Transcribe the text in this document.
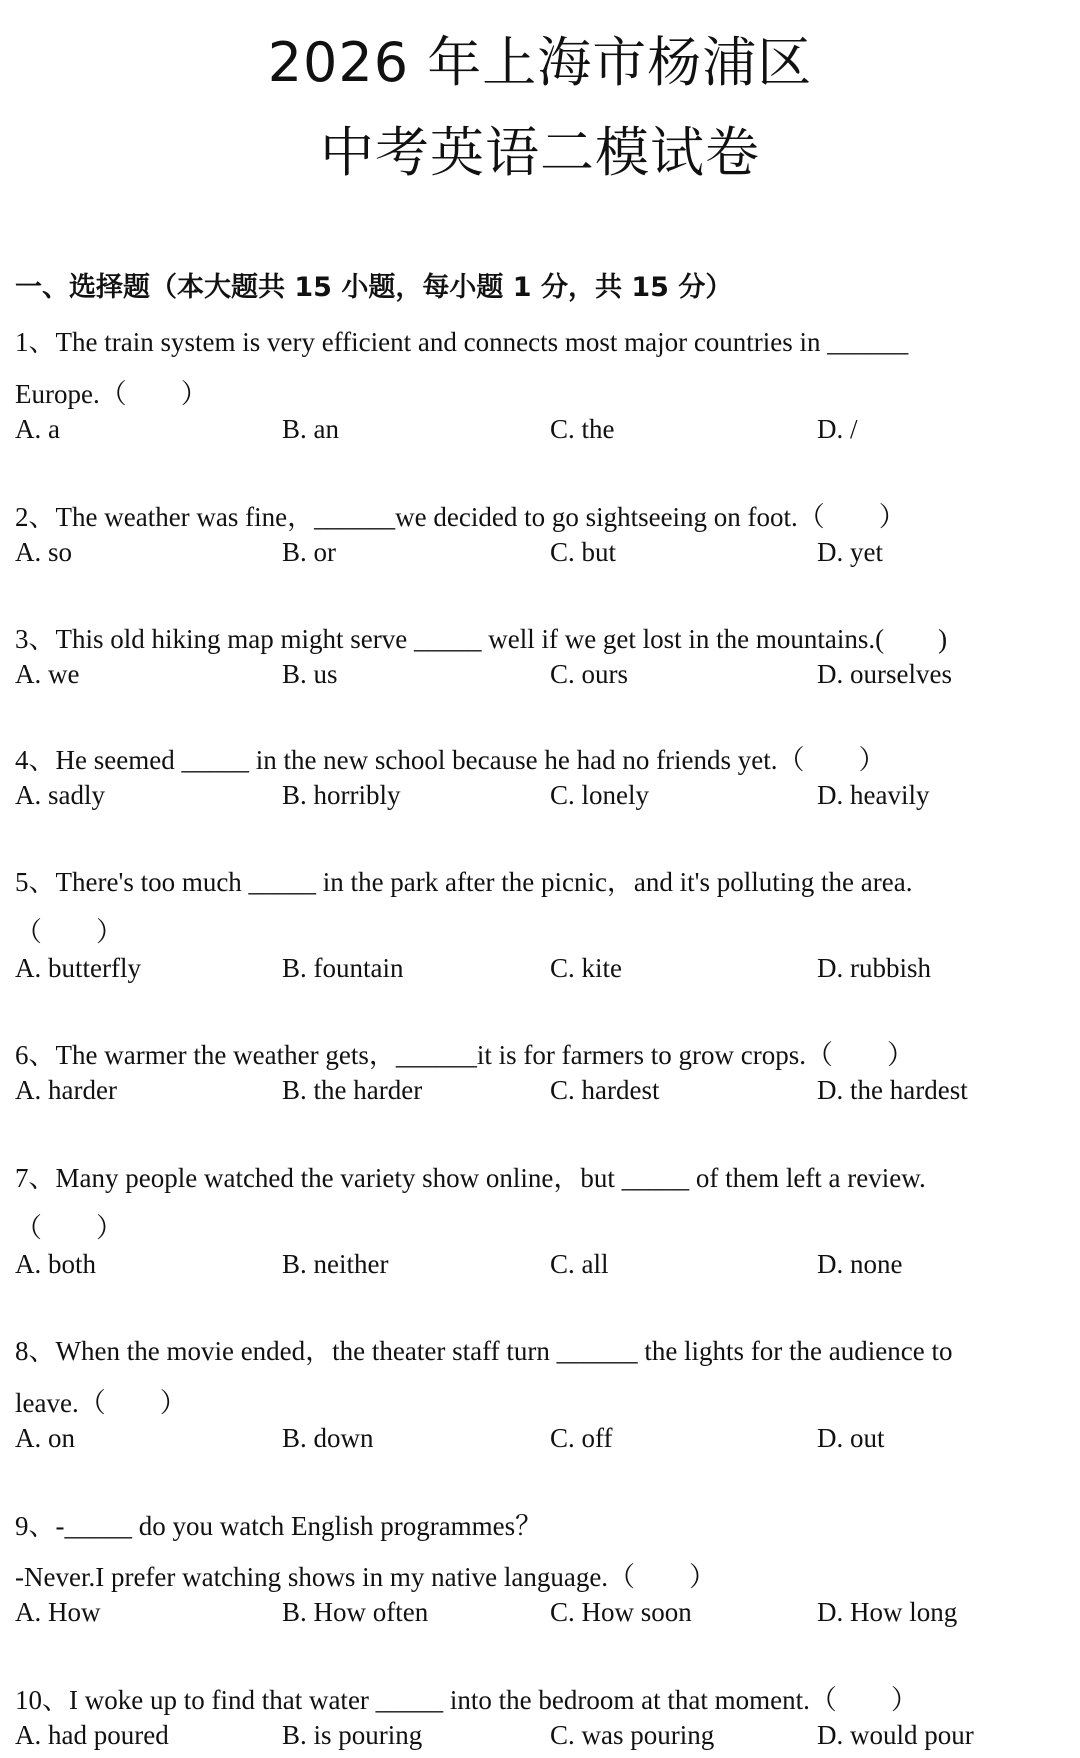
2026 年上海市杨浦区
中考英语二模试卷
一、选择题（本大题共 15 小题，每小题 1 分，共 15 分）
1、The train system is very efficient and connects most major countries in ______
Europe.（　　）
A. a	B. an	C. the	D. /
2、The weather was fine，______we decided to go sightseeing on foot.（　　）
A. so	B. or	C. but	D. yet
3、This old hiking map might serve _____ well if we get lost in the mountains.(　　)
A. we	B. us	C. ours	D. ourselves
4、He seemed _____ in the new school because he had no friends yet.（　　）
A. sadly	B. horribly	C. lonely	D. heavily
5、There's too much _____ in the park after the picnic，and it's polluting the area.
（　　）
A. butterfly	B. fountain	C. kite	D. rubbish
6、The warmer the weather gets，______it is for farmers to grow crops.（　　）
A. harder	B. the harder	C. hardest	D. the hardest
7、Many people watched the variety show online，but _____ of them left a review.
（　　）
A. both	B. neither	C. all	D. none
8、When the movie ended，the theater staff turn ______ the lights for the audience to
leave.（　　）
A. on	B. down	C. off	D. out
9、-_____ do you watch English programmes？
-Never.I prefer watching shows in my native language.（　　）
A. How	B. How often	C. How soon	D. How long
10、I woke up to find that water _____ into the bedroom at that moment.（　　）
A. had poured	B. is pouring	C. was pouring	D. would pour
